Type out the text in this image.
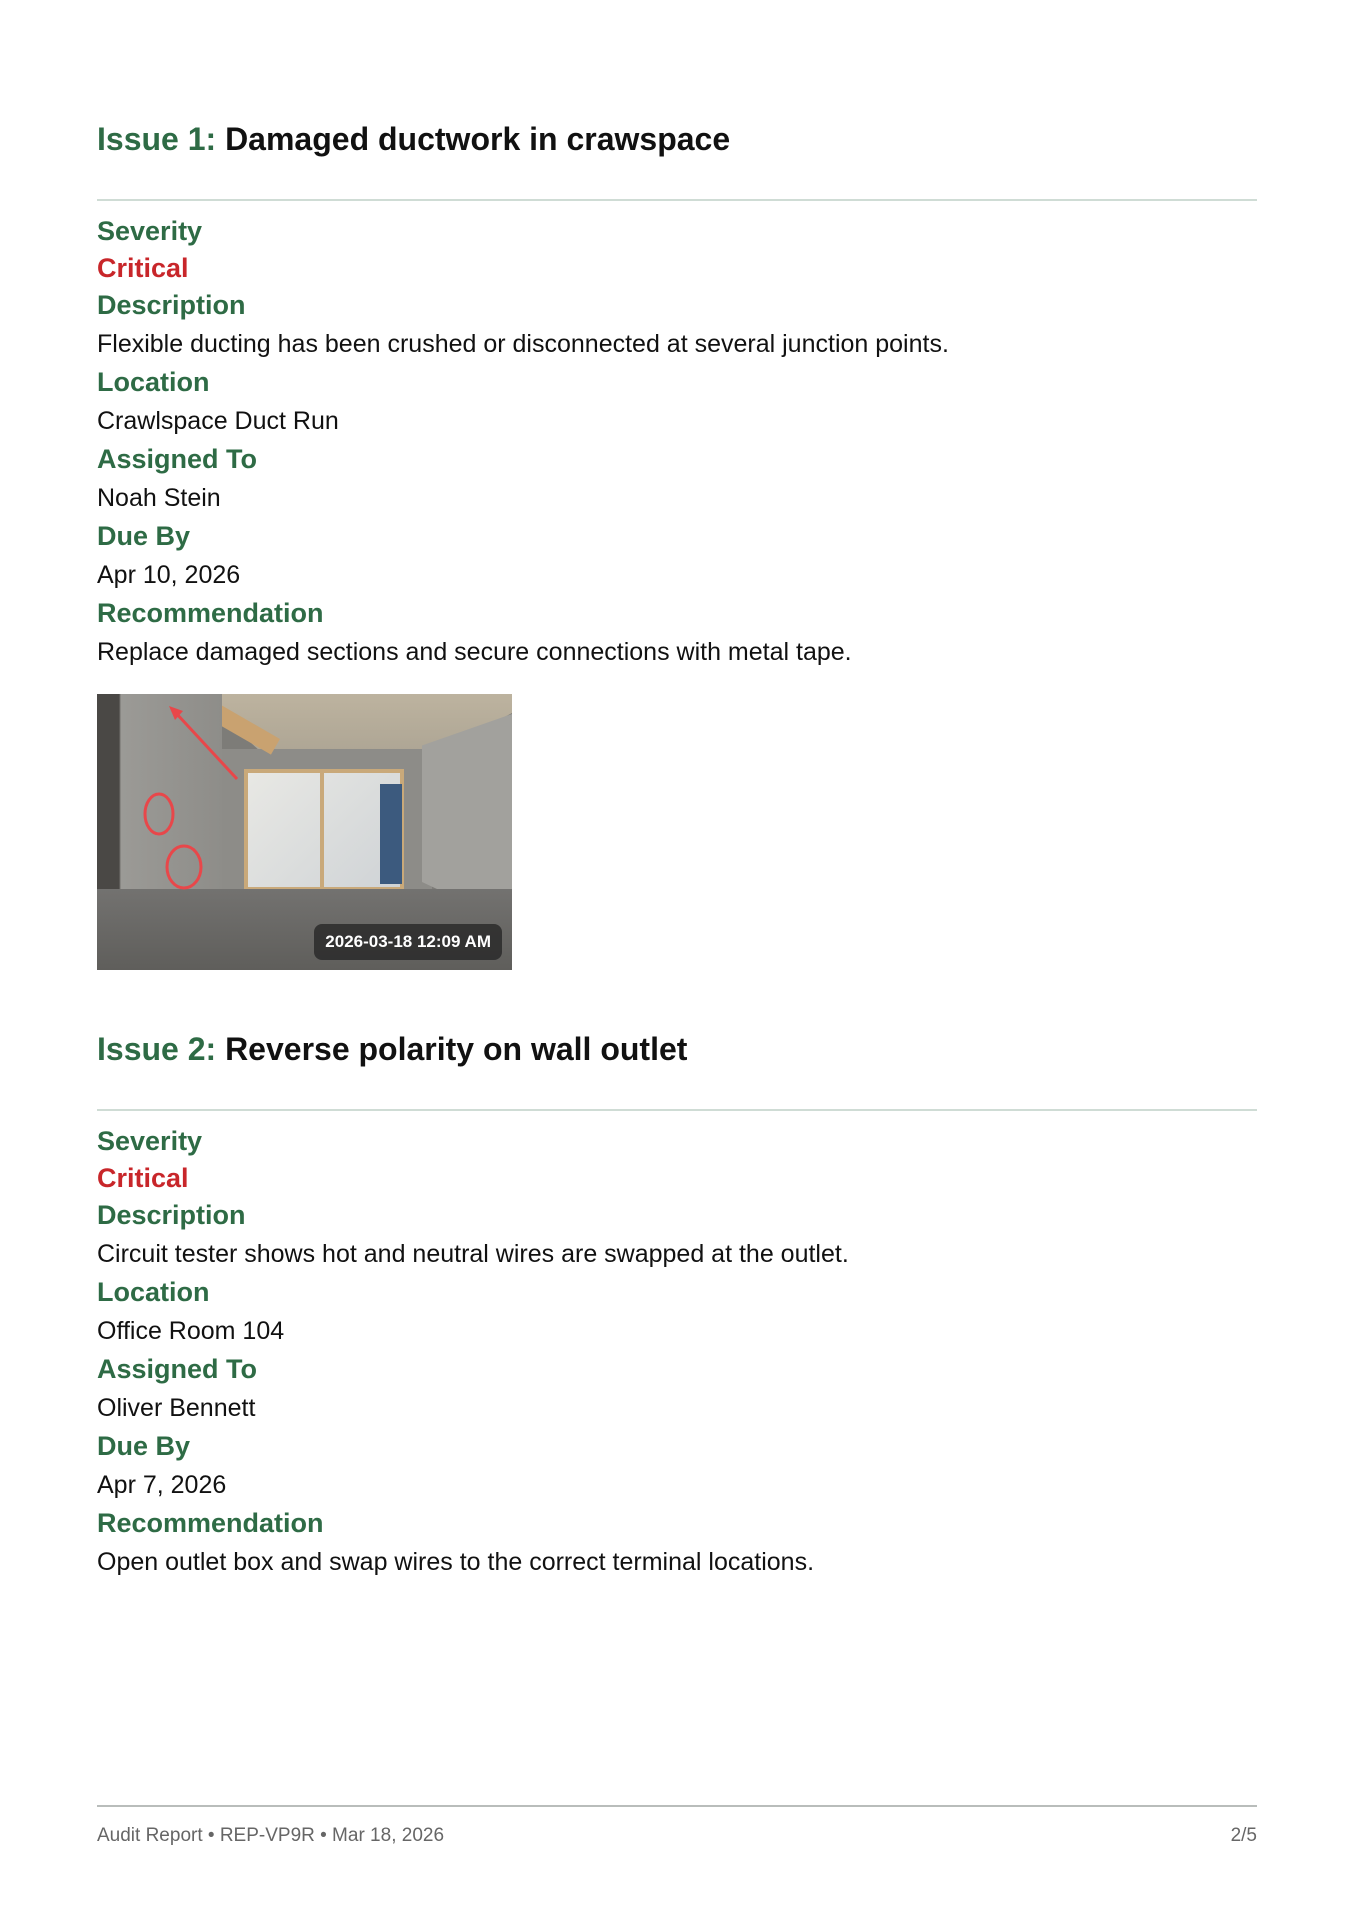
Issue 1: Damaged ductwork in crawspace
Severity
Critical
Description
Flexible ducting has been crushed or disconnected at several junction points.
Location
Crawlspace Duct Run
Assigned To
Noah Stein
Due By
Apr 10, 2026
Recommendation
Replace damaged sections and secure connections with metal tape.
2026-03-18 12:09 AM
Issue 2: Reverse polarity on wall outlet
Severity
Critical
Description
Circuit tester shows hot and neutral wires are swapped at the outlet.
Location
Office Room 104
Assigned To
Oliver Bennett
Due By
Apr 7, 2026
Recommendation
Open outlet box and swap wires to the correct terminal locations.
Audit Report • REP-VP9R • Mar 18, 2026	2/5
